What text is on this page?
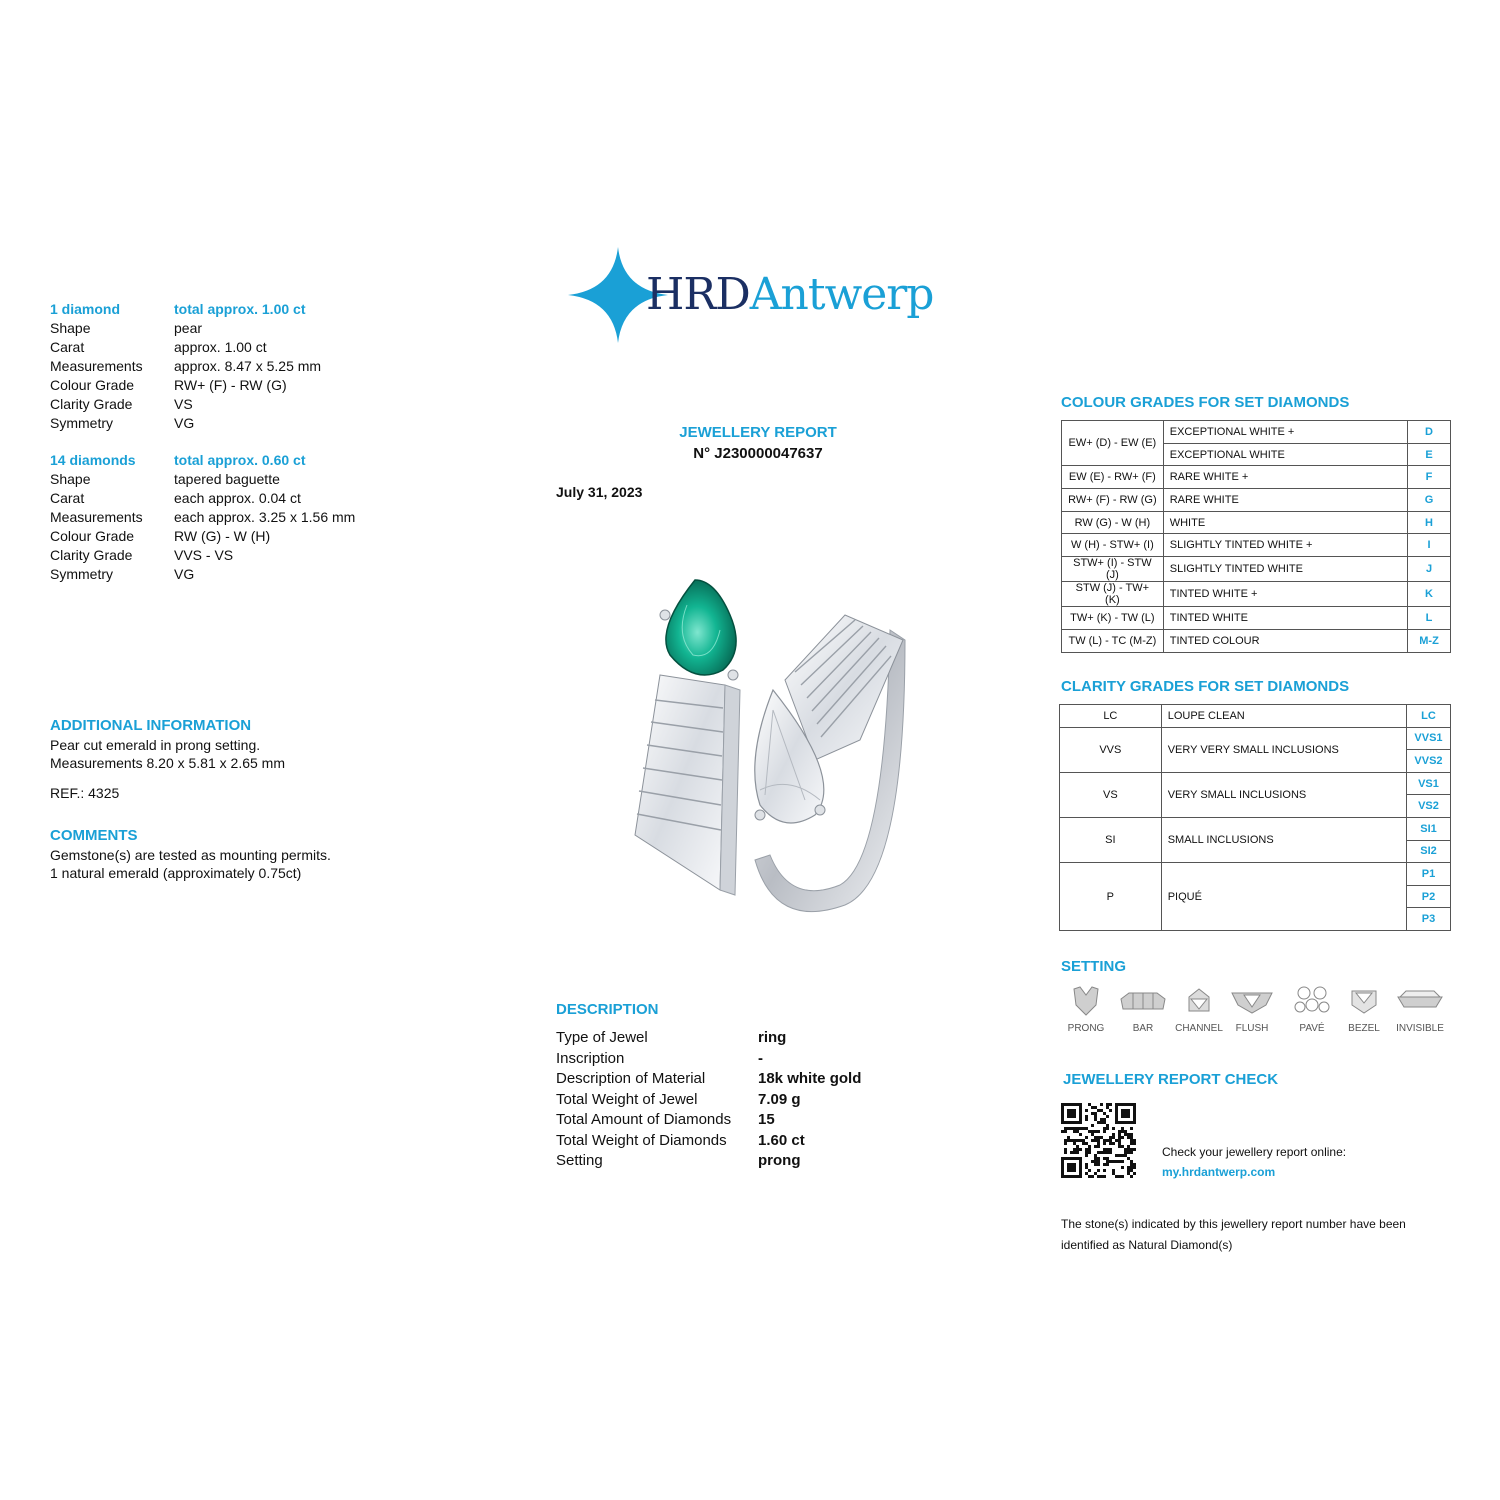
HRDAntwerp
1 diamond	total approx. 1.00 ct
Shape	pear
Carat	approx. 1.00 ct
Measurements	approx. 8.47 x 5.25 mm
Colour Grade	RW+ (F) - RW (G)
Clarity Grade	VS
Symmetry	VG
14 diamonds	total approx. 0.60 ct
Shape	tapered baguette
Carat	each approx. 0.04 ct
Measurements	each approx. 3.25 x 1.56 mm
Colour Grade	RW (G) - W (H)
Clarity Grade	VVS - VS
Symmetry	VG
ADDITIONAL INFORMATION
Pear cut emerald in prong setting.
Measurements 8.20 x 5.81 x 2.65 mm
REF.: 4325
COMMENTS
Gemstone(s) are tested as mounting permits.
1 natural emerald (approximately 0.75ct)
JEWELLERY REPORT
N° J230000047637
July 31, 2023
DESCRIPTION
Type of Jewel	ring
Inscription	-
Description of Material	18k white gold
Total Weight of Jewel	7.09 g
Total Amount of Diamonds	15
Total Weight of Diamonds	1.60 ct
Setting	prong
COLOUR GRADES FOR SET DIAMONDS
EW+ (D) - EW (E)	EXCEPTIONAL WHITE +	D
	EXCEPTIONAL WHITE	E
EW (E) - RW+ (F)	RARE WHITE +	F
RW+ (F) - RW (G)	RARE WHITE	G
RW (G) - W (H)	WHITE	H
W (H) - STW+ (I)	SLIGHTLY TINTED WHITE +	I
STW+ (I) - STW (J)	SLIGHTLY TINTED WHITE	J
STW (J) - TW+ (K)	TINTED WHITE +	K
TW+ (K) - TW (L)	TINTED WHITE	L
TW (L) - TC (M-Z)	TINTED COLOUR	M-Z
CLARITY GRADES FOR SET DIAMONDS
LC	LOUPE CLEAN	LC
VVS	VERY VERY SMALL INCLUSIONS	VVS1
		VVS2
VS	VERY SMALL INCLUSIONS	VS1
		VS2
SI	SMALL INCLUSIONS	SI1
		SI2
P	PIQUÉ	P1
		P2
		P3
SETTING
PRONG	BAR	CHANNEL	FLUSH	PAVÉ	BEZEL	INVISIBLE
JEWELLERY REPORT CHECK
Check your jewellery report online:
my.hrdantwerp.com
The stone(s) indicated by this jewellery report number have been
identified as Natural Diamond(s)
